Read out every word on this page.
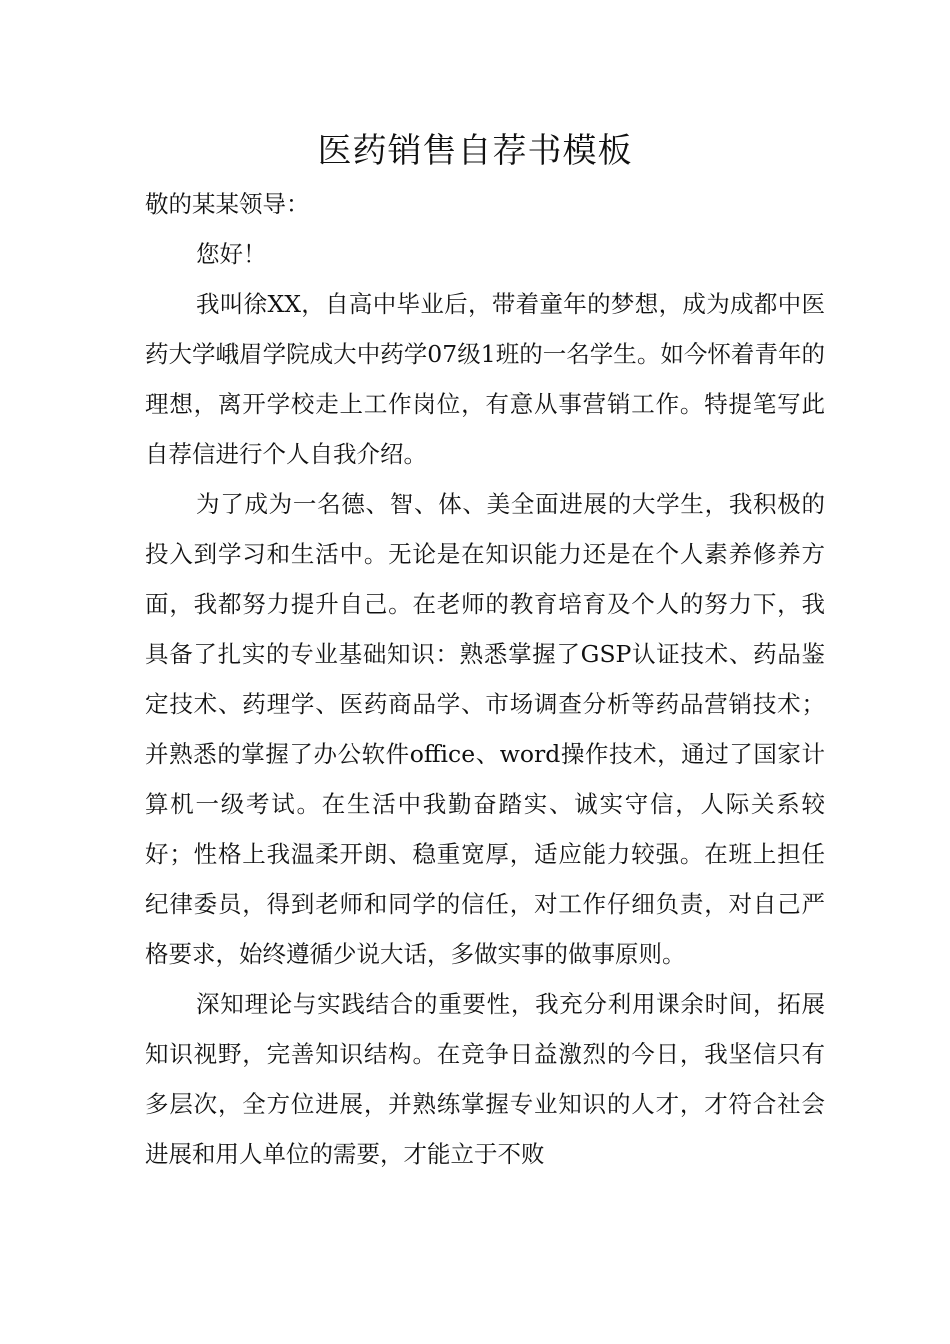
医药销售自荐书模板

敬的某某领导：

您好！

我叫徐XX，自高中毕业后，带着童年的梦想，成为成都中医药大学峨眉学院成大中药学07级1班的一名学生。如今怀着青年的理想，离开学校走上工作岗位，有意从事营销工作。特提笔写此自荐信进行个人自我介绍。

为了成为一名德、智、体、美全面进展的大学生，我积极的投入到学习和生活中。无论是在知识能力还是在个人素养修养方面，我都努力提升自己。在老师的教育培育及个人的努力下，我具备了扎实的专业基础知识：熟悉掌握了GSP认证技术、药品鉴定技术、药理学、医药商品学、市场调查分析等药品营销技术；并熟悉的掌握了办公软件office、word操作技术，通过了国家计算机一级考试。在生活中我勤奋踏实、诚实守信，人际关系较好；性格上我温柔开朗、稳重宽厚，适应能力较强。在班上担任纪律委员，得到老师和同学的信任，对工作仔细负责，对自己严格要求，始终遵循少说大话，多做实事的做事原则。

深知理论与实践结合的重要性，我充分利用课余时间，拓展知识视野，完善知识结构。在竞争日益激烈的今日，我坚信只有多层次，全方位进展，并熟练掌握专业知识的人才，才符合社会进展和用人单位的需要，才能立于不败
